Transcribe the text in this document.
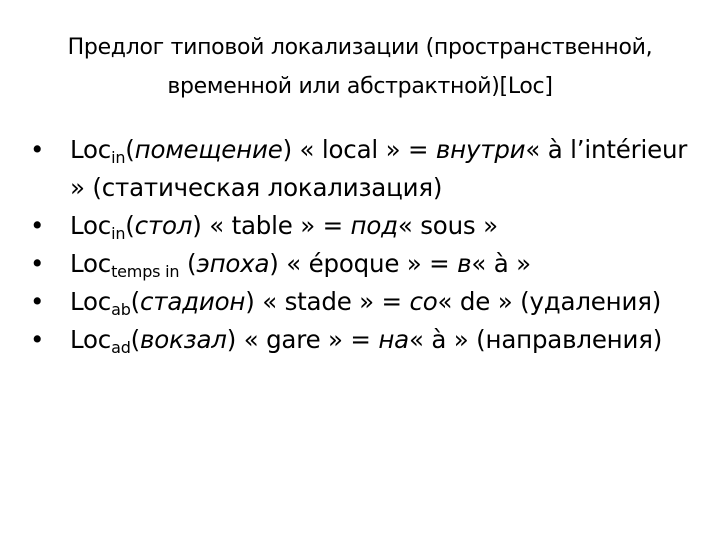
Предлог типовой локализации (пространственной,
временной или абстрактной)[Loc]
•	Loc$_{in}$(помещение) « local » = внутри« à l’intérieur » (статическая локализация)
•	Loc$_{in}$(стол) « table » = под« sous »
•	Loc$_{temps in}$ (эпоха) « époque » = в« à »
•	Loc$_{ab}$(стадион) « stade » = со« de » (удаления)
•	Loc$_{ad}$(вокзал) « gare » = на« à » (направления)
